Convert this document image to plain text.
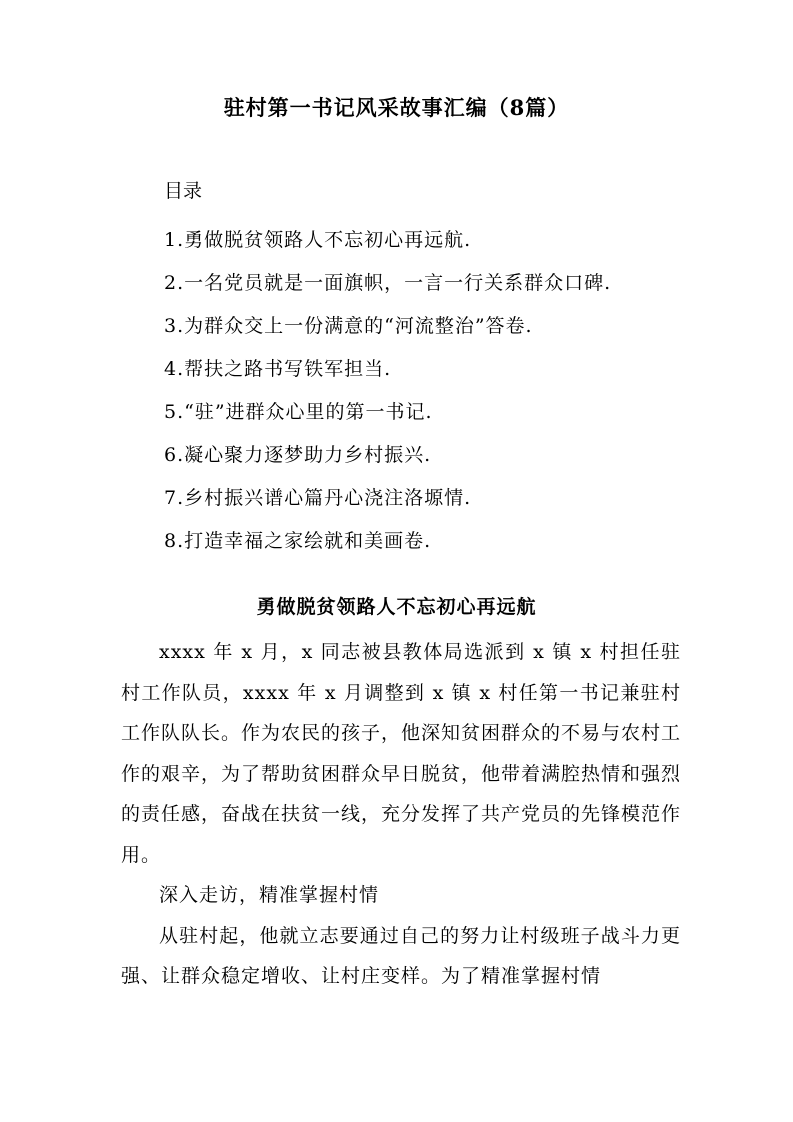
驻村第一书记风采故事汇编（8篇）
目录
1.勇做脱贫领路人不忘初心再远航.
2.一名党员就是一面旗帜，一言一行关系群众口碑.
3.为群众交上一份满意的“河流整治”答卷.
4.帮扶之路书写铁军担当.
5.“驻”进群众心里的第一书记.
6.凝心聚力逐梦助力乡村振兴.
7.乡村振兴谱心篇丹心浇注洛塬情.
8.打造幸福之家绘就和美画卷.
勇做脱贫领路人不忘初心再远航

xxxx 年 x 月，x 同志被县教体局选派到 x 镇 x 村担任驻村工作队员，xxxx 年 x 月调整到 x 镇 x 村任第一书记兼驻村工作队队长。作为农民的孩子，他深知贫困群众的不易与农村工作的艰辛，为了帮助贫困群众早日脱贫，他带着满腔热情和强烈的责任感，奋战在扶贫一线，充分发挥了共产党员的先锋模范作用。

深入走访，精准掌握村情

从驻村起，他就立志要通过自己的努力让村级班子战斗力更强、让群众稳定增收、让村庄变样。为了精准掌握村情
